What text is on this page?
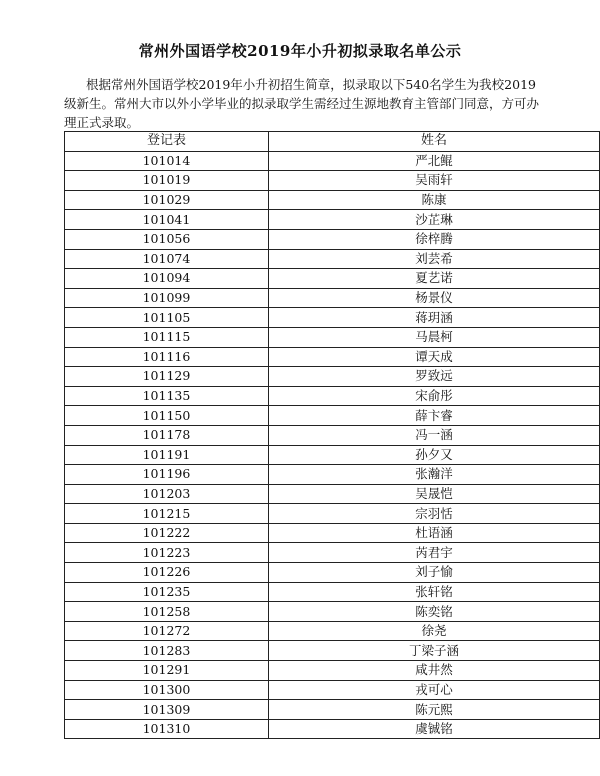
常州外国语学校2019年小升初拟录取名单公示

根据常州外国语学校2019年小升初招生简章，拟录取以下540名学生为我校2019级新生。常州大市以外小学毕业的拟录取学生需经过生源地教育主管部门同意，方可办理正式录取。

登记表	姓名
101014	严北鲲
101019	吴雨轩
101029	陈康
101041	沙芷琳
101056	徐梓腾
101074	刘芸希
101094	夏艺诺
101099	杨景仪
101105	蒋玥涵
101115	马晨柯
101116	谭天成
101129	罗致远
101135	宋俞彤
101150	薛卞睿
101178	冯一涵
101191	孙夕又
101196	张瀚洋
101203	吴晟恺
101215	宗羽恬
101222	杜语涵
101223	芮君宇
101226	刘子愉
101235	张轩铭
101258	陈奕铭
101272	徐尧
101283	丁梁子涵
101291	咸井然
101300	戎可心
101309	陈元熙
101310	虞铖铭
